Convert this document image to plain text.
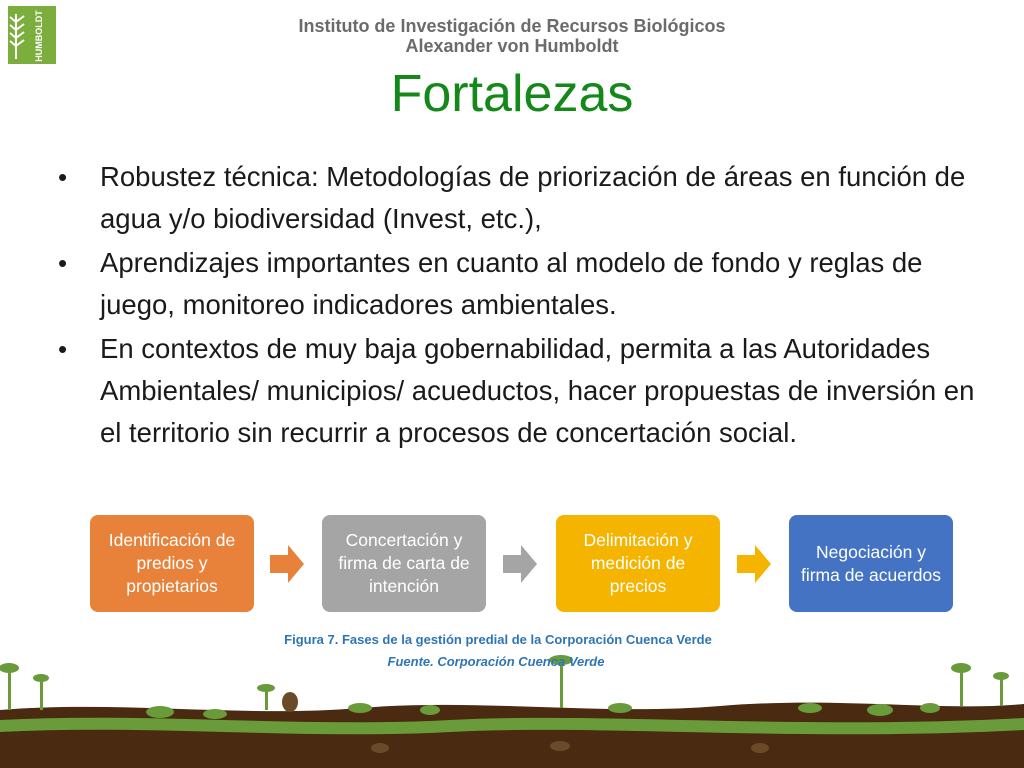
HUMBOLDT	Instituto de Investigación de Recursos Biológicos
Alexander von Humboldt
Fortalezas
• Robustez técnica: Metodologías de priorización de áreas en función de agua y/o biodiversidad (Invest, etc.),
• Aprendizajes importantes en cuanto al modelo de fondo y reglas de juego, monitoreo indicadores ambientales.
• En contextos de muy baja gobernabilidad, permita a las Autoridades Ambientales/ municipios/ acueductos, hacer propuestas de inversión en el territorio sin recurrir a procesos de concertación social.
Identificación de predios y propietarios
Concertación y firma de carta de intención
Delimitación y medición de precios
Negociación y firma de acuerdos
Figura 7. Fases de la gestión predial de la Corporación Cuenca Verde
Fuente. Corporación Cuenca Verde
